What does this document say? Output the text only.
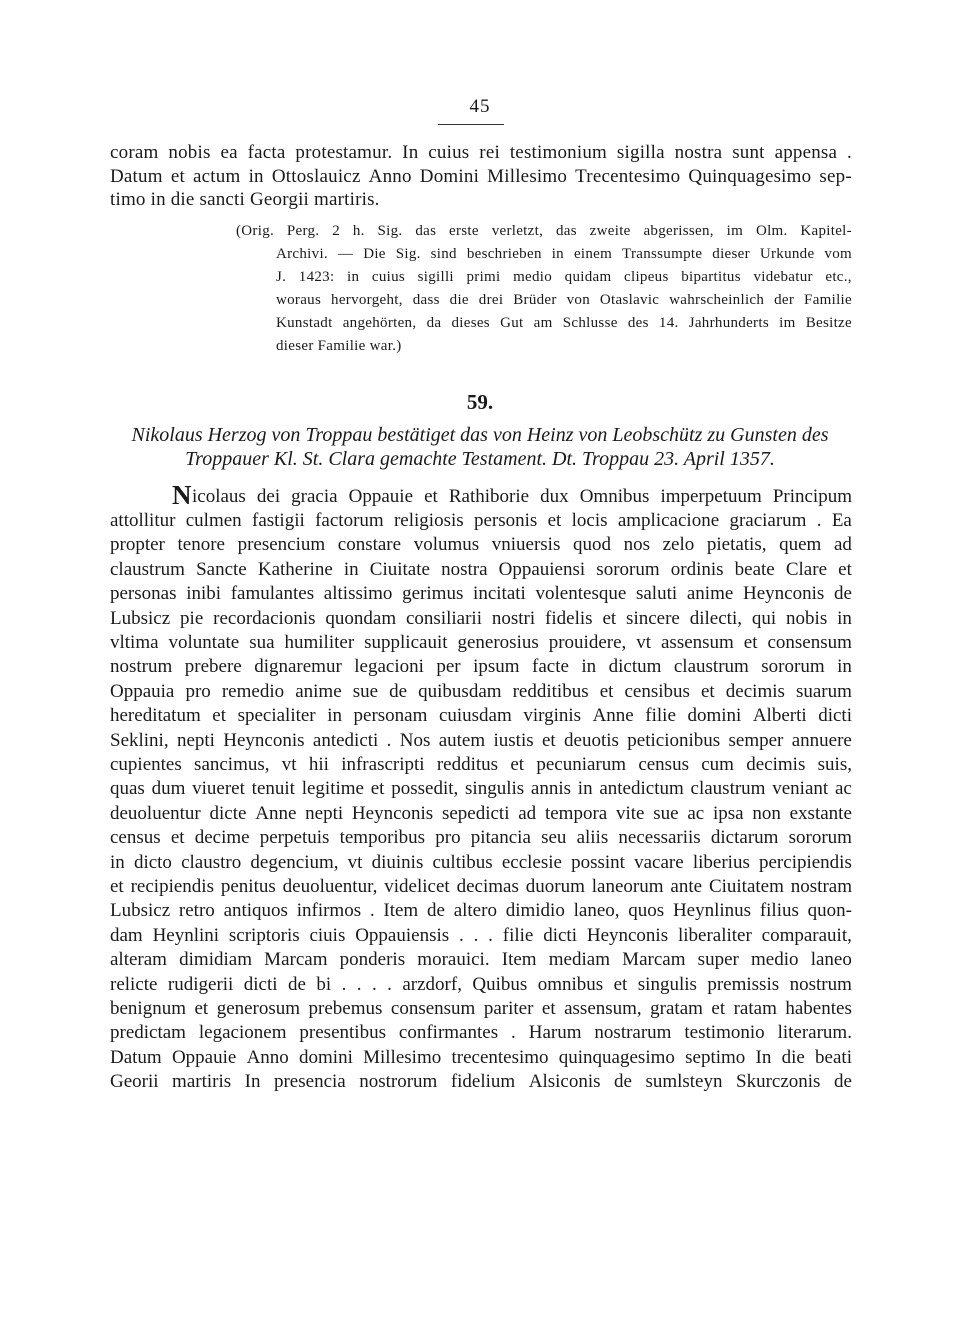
45
coram nobis ea facta protestamur. In cuius rei testimonium sigilla nostra sunt appensa .
Datum et actum in Ottoslauicz Anno Domini Millesimo Trecentesimo Quinquagesimo sep-
timo in die sancti Georgii martiris.
(Orig. Perg. 2 h. Sig. das erste verletzt, das zweite abgerissen, im Olm. Kapitel-
Archivi. — Die Sig. sind beschrieben in einem Transsumpte dieser Urkunde vom
J. 1423: in cuius sigilli primi medio quidam clipeus bipartitus videbatur etc.,
woraus hervorgeht, dass die drei Brüder von Otaslavic wahrscheinlich der Familie
Kunstadt angehörten, da dieses Gut am Schlusse des 14. Jahrhunderts im Besitze
dieser Familie war.)
59.
Nikolaus Herzog von Troppau bestätiget das von Heinz von Leobschütz zu Gunsten des
Troppauer Kl. St. Clara gemachte Testament. Dt. Troppau 23. April 1357.
N icolaus dei gracia Oppauie et Rathiborie dux Omnibus imperpetuum Principum
attollitur culmen fastigii factorum religiosis personis et locis amplicacione graciarum . Ea
propter tenore presencium constare volumus vniuersis quod nos zelo pietatis, quem ad
claustrum Sancte Katherine in Ciuitate nostra Oppauiensi sororum ordinis beate Clare et
personas inibi famulantes altissimo gerimus incitati volentesque saluti anime Heynconis de
Lubsicz pie recordacionis quondam consiliarii nostri fidelis et sincere dilecti, qui nobis in
vltima voluntate sua humiliter supplicauit generosius prouidere, vt assensum et consensum
nostrum prebere dignaremur legacioni per ipsum facte in dictum claustrum sororum in
Oppauia pro remedio anime sue de quibusdam redditibus et censibus et decimis suarum
hereditatum et specialiter in personam cuiusdam virginis Anne filie domini Alberti dicti
Seklini, nepti Heynconis antedicti . Nos autem iustis et deuotis peticionibus semper annuere
cupientes sancimus, vt hii infrascripti redditus et pecuniarum census cum decimis suis,
quas dum viueret tenuit legitime et possedit, singulis annis in antedictum claustrum veniant ac
deuoluentur dicte Anne nepti Heynconis sepedicti ad tempora vite sue ac ipsa non exstante
census et decime perpetuis temporibus pro pitancia seu aliis necessariis dictarum sororum
in dicto claustro degencium, vt diuinis cultibus ecclesie possint vacare liberius percipiendis
et recipiendis penitus deuoluentur, videlicet decimas duorum laneorum ante Ciuitatem nostram
Lubsicz retro antiquos infirmos . Item de altero dimidio laneo, quos Heynlinus filius quon-
dam Heynlini scriptoris ciuis Oppauiensis . . . filie dicti Heynconis liberaliter comparauit,
alteram dimidiam Marcam ponderis morauici. Item mediam Marcam super medio laneo
relicte rudigerii dicti de bi . . . . arzdorf, Quibus omnibus et singulis premissis nostrum
benignum et generosum prebemus consensum pariter et assensum, gratam et ratam habentes
predictam legacionem presentibus confirmantes . Harum nostrarum testimonio literarum.
Datum Oppauie Anno domini Millesimo trecentesimo quinquagesimo septimo In die beati
Georii martiris In presencia nostrorum fidelium Alsiconis de sumlsteyn Skurczonis de
